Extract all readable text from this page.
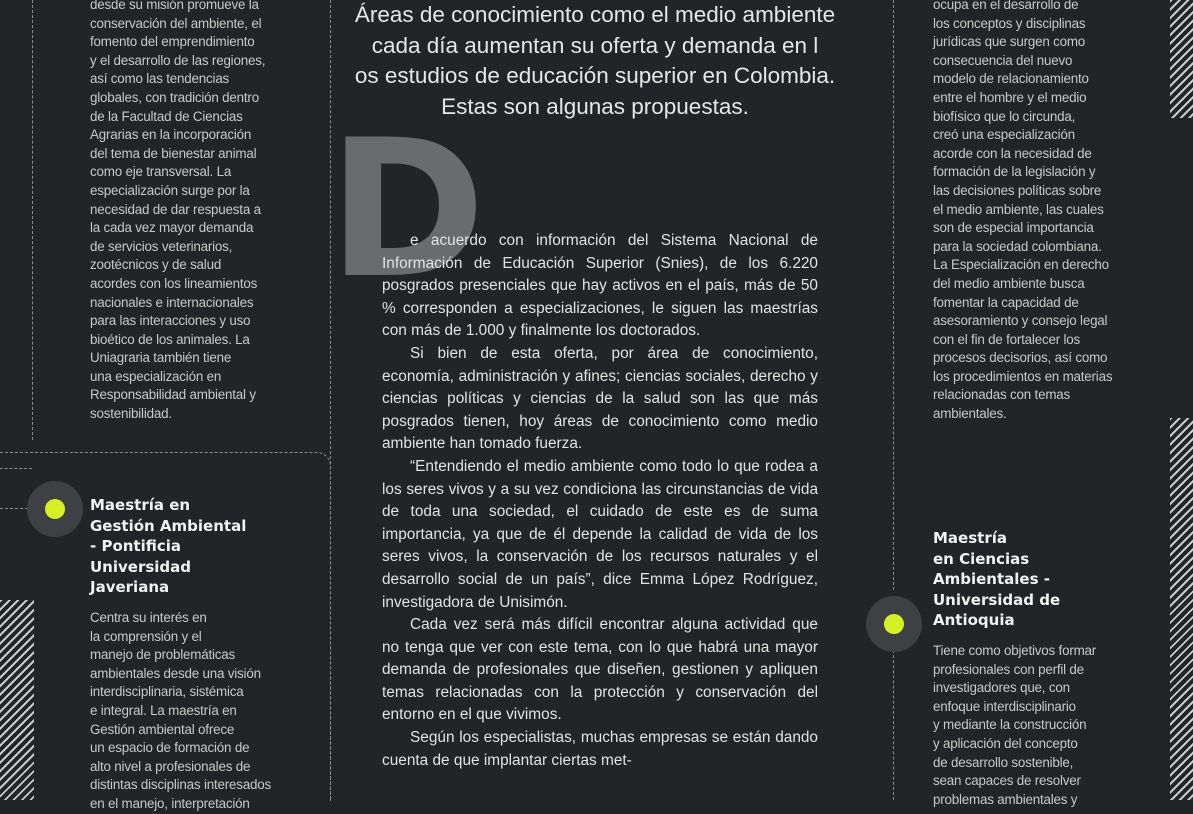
desde su misión promueve la
conservación del ambiente, el
fomento del emprendimiento
y el desarrollo de las regiones,
así como las tendencias
globales, con tradición dentro
de la Facultad de Ciencias
Agrarias en la incorporación
del tema de bienestar animal
como eje transversal. La
especialización surge por la
necesidad de dar respuesta a
la cada vez mayor demanda
de servicios veterinarios,
zootécnicos y de salud
acordes con los lineamientos
nacionales e internacionales
para las interacciones y uso
bioético de los animales. La
Uniagraria también tiene
una especialización en
Responsabilidad ambiental y
sostenibilidad.

Maestría en
Gestión Ambiental
- Pontificia
Universidad
Javeriana

Centra su interés en
la comprensión y el
manejo de problemáticas
ambientales desde una visión
interdisciplinaria, sistémica
e integral. La maestría en
Gestión ambiental ofrece
un espacio de formación de
alto nivel a profesionales de
distintas disciplinas interesados
en el manejo, interpretación

Áreas de conocimiento como el medio ambiente
cada día aumentan su oferta y demanda en l
os estudios de educación superior en Colombia.
Estas son algunas propuestas.

D

e acuerdo con información del Sistema Nacional de Información de Educación Superior (Snies), de los 6.220 posgrados presenciales que hay activos en el país, más de 50 % corresponden a especializaciones, le siguen las maestrías con más de 1.000 y finalmente los doctorados.

Si bien de esta oferta, por área de conocimiento, economía, administración y afines; ciencias sociales, derecho y ciencias políticas y ciencias de la salud son las que más posgrados tienen, hoy áreas de conocimiento como medio ambiente han tomado fuerza.

“Entendiendo el medio ambiente como todo lo que rodea a los seres vivos y a su vez condiciona las circunstancias de vida de toda una sociedad, el cuidado de este es de suma importancia, ya que de él depende la calidad de vida de los seres vivos, la conservación de los recursos naturales y el desarrollo social de un país”, dice Emma López Rodríguez, investigadora de Unisimón.

Cada vez será más difícil encontrar alguna actividad que no tenga que ver con este tema, con lo que habrá una mayor demanda de profesionales que diseñen, gestionen y apliquen temas relacionadas con la protección y conservación del entorno en el que vivimos.

Según los especialistas, muchas empresas se están dando cuenta de que implantar ciertas met-

ocupa en el desarrollo de
los conceptos y disciplinas
jurídicas que surgen como
consecuencia del nuevo
modelo de relacionamiento
entre el hombre y el medio
biofísico que lo circunda,
creó una especialización
acorde con la necesidad de
formación de la legislación y
las decisiones políticas sobre
el medio ambiente, las cuales
son de especial importancia
para la sociedad colombiana.
La Especialización en derecho
del medio ambiente busca
fomentar la capacidad de
asesoramiento y consejo legal
con el fin de fortalecer los
procesos decisorios, así como
los procedimientos en materias
relacionadas con temas
ambientales.

Maestría
en Ciencias
Ambientales -
Universidad de
Antioquia

Tiene como objetivos formar
profesionales con perfil de
investigadores que, con
enfoque interdisciplinario
y mediante la construcción
y aplicación del concepto
de desarrollo sostenible,
sean capaces de resolver
problemas ambientales y
